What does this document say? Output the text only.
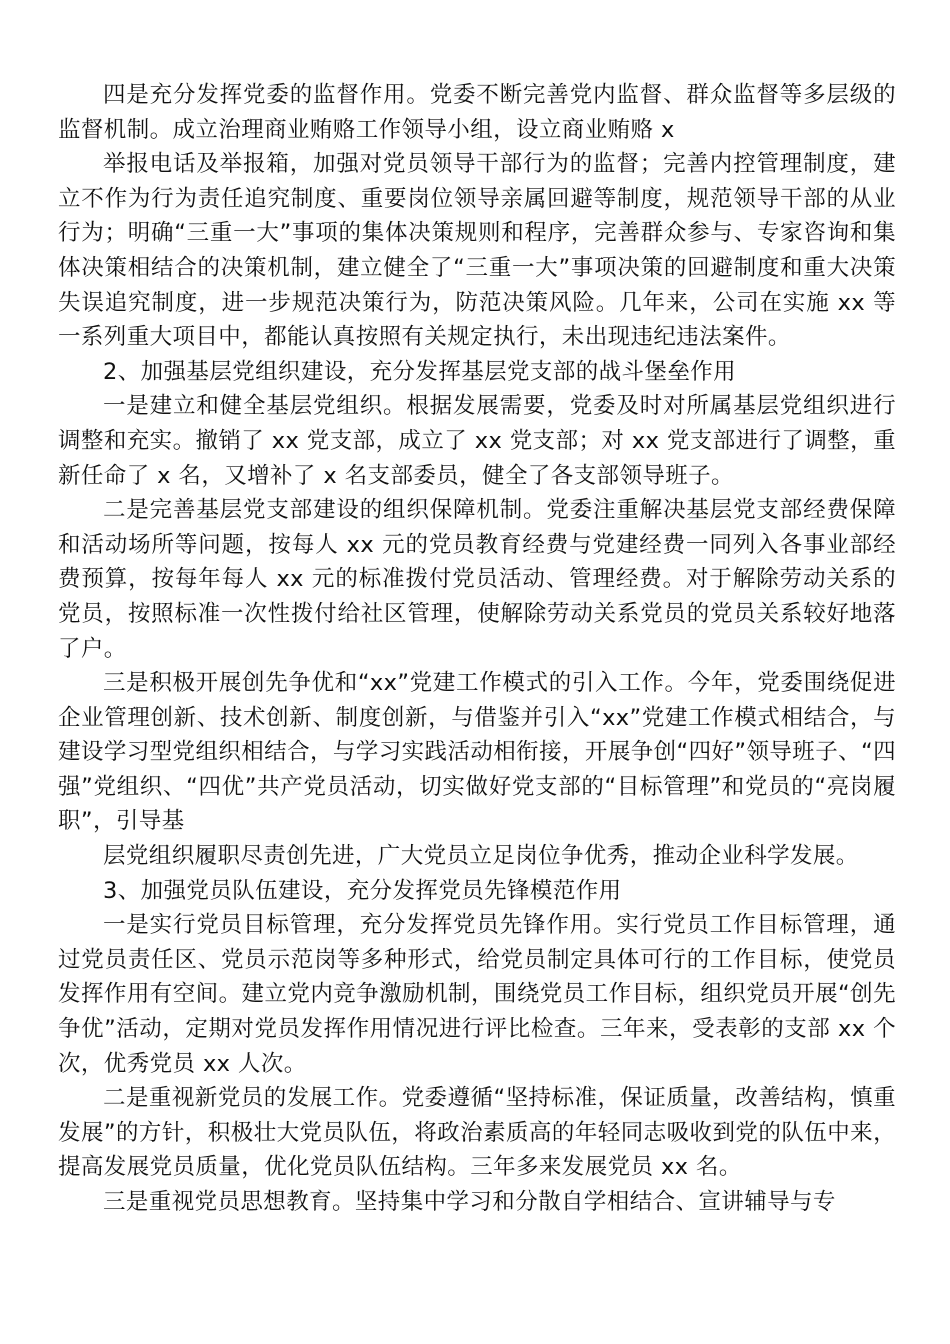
四是充分发挥党委的监督作用。党委不断完善党内监督、群众监督等多层级的监督机制。成立治理商业贿赂工作领导小组，设立商业贿赂 x

举报电话及举报箱，加强对党员领导干部行为的监督；完善内控管理制度，建立不作为行为责任追究制度、重要岗位领导亲属回避等制度，规范领导干部的从业行为；明确“三重一大”事项的集体决策规则和程序，完善群众参与、专家咨询和集体决策相结合的决策机制，建立健全了“三重一大”事项决策的回避制度和重大决策失误追究制度，进一步规范决策行为，防范决策风险。几年来，公司在实施 xx 等一系列重大项目中，都能认真按照有关规定执行，未出现违纪违法案件。

2、加强基层党组织建设，充分发挥基层党支部的战斗堡垒作用

一是建立和健全基层党组织。根据发展需要，党委及时对所属基层党组织进行调整和充实。撤销了 xx 党支部，成立了 xx 党支部；对 xx 党支部进行了调整，重新任命了 x 名，又增补了 x 名支部委员，健全了各支部领导班子。

二是完善基层党支部建设的组织保障机制。党委注重解决基层党支部经费保障和活动场所等问题，按每人 xx 元的党员教育经费与党建经费一同列入各事业部经费预算，按每年每人 xx 元的标准拨付党员活动、管理经费。对于解除劳动关系的党员，按照标准一次性拨付给社区管理，使解除劳动关系党员的党员关系较好地落了户。

三是积极开展创先争优和“xx”党建工作模式的引入工作。今年，党委围绕促进企业管理创新、技术创新、制度创新，与借鉴并引入“xx”党建工作模式相结合，与建设学习型党组织相结合，与学习实践活动相衔接，开展争创“四好”领导班子、“四强”党组织、“四优”共产党员活动，切实做好党支部的“目标管理”和党员的“亮岗履职”，引导基

层党组织履职尽责创先进，广大党员立足岗位争优秀，推动企业科学发展。

3、加强党员队伍建设，充分发挥党员先锋模范作用

一是实行党员目标管理，充分发挥党员先锋作用。实行党员工作目标管理，通过党员责任区、党员示范岗等多种形式，给党员制定具体可行的工作目标，使党员发挥作用有空间。建立党内竞争激励机制，围绕党员工作目标，组织党员开展“创先争优”活动，定期对党员发挥作用情况进行评比检查。三年来，受表彰的支部 xx 个次，优秀党员 xx 人次。

二是重视新党员的发展工作。党委遵循“坚持标准，保证质量，改善结构，慎重发展”的方针，积极壮大党员队伍，将政治素质高的年轻同志吸收到党的队伍中来，提高发展党员质量，优化党员队伍结构。三年多来发展党员 xx 名。

三是重视党员思想教育。坚持集中学习和分散自学相结合、宣讲辅导与专
